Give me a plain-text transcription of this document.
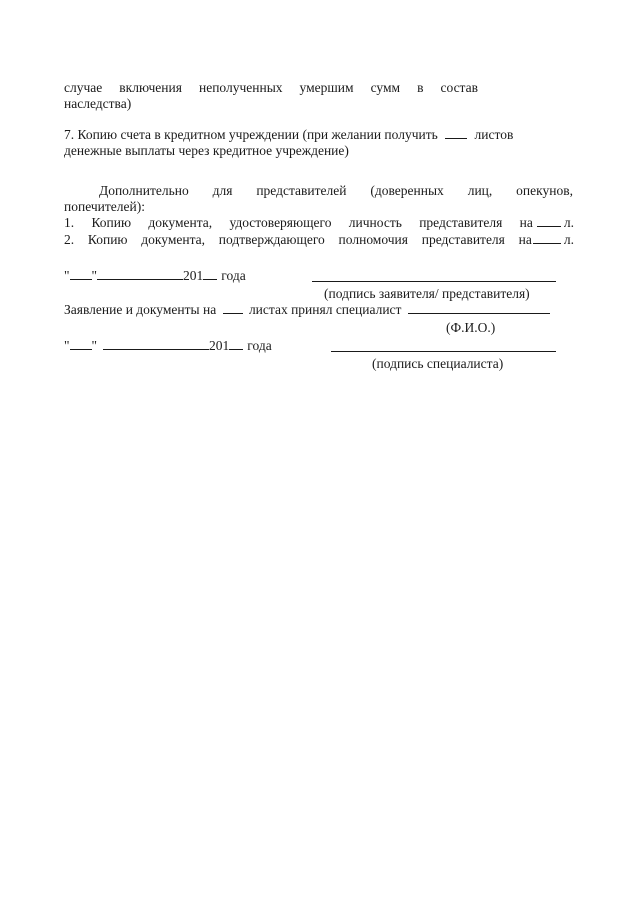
случае включения неполученных умершим сумм в состав
наследства)
7. Копию счета в кредитном учреждении (при желании получить	листов
денежные выплаты через кредитное учреждение)
Дополнительно для представителей (доверенных лиц, опекунов,
попечителей):
1. Копию документа, удостоверяющего личность представителя на л.
2. Копию документа, подтверждающего полномочия представителя на л.
" "	201 года
(подпись заявителя/ представителя)
Заявление и документы на листах принял специалист
(Ф.И.О.)
" "	201 года
(подпись специалиста)
